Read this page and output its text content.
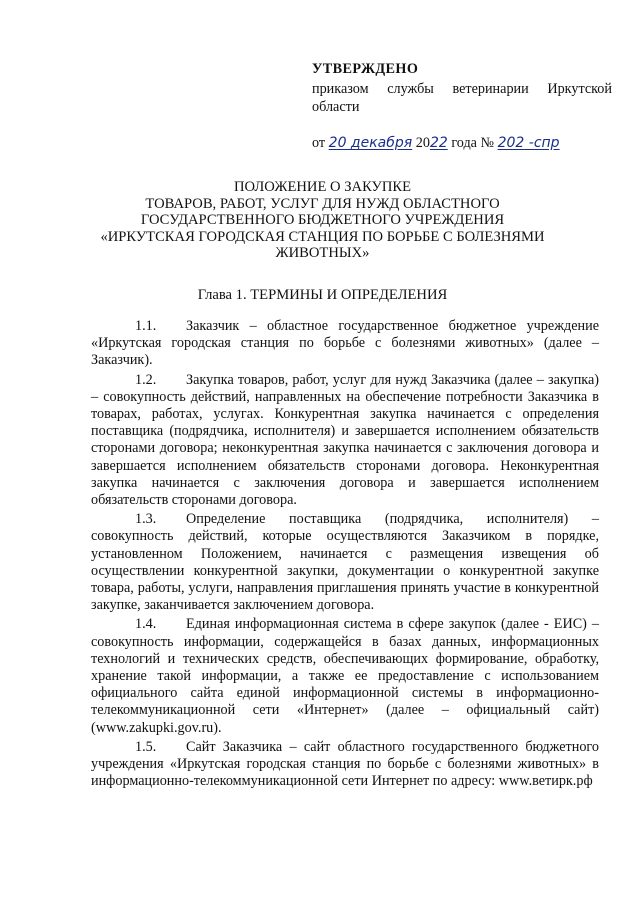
УТВЕРЖДЕНО
приказом службы ветеринарии Иркутской области
от 20 декабря 2022 года № 202 -спр
ПОЛОЖЕНИЕ О ЗАКУПКЕ
ТОВАРОВ, РАБОТ, УСЛУГ ДЛЯ НУЖД ОБЛАСТНОГО
ГОСУДАРСТВЕННОГО БЮДЖЕТНОГО УЧРЕЖДЕНИЯ
«ИРКУТСКАЯ ГОРОДСКАЯ СТАНЦИЯ ПО БОРЬБЕ С БОЛЕЗНЯМИ
ЖИВОТНЫХ»
Глава 1. ТЕРМИНЫ И ОПРЕДЕЛЕНИЯ

1.1. Заказчик – областное государственное бюджетное учреждение «Иркутская городская станция по борьбе с болезнями животных» (далее – Заказчик).

1.2. Закупка товаров, работ, услуг для нужд Заказчика (далее – закупка) – совокупность действий, направленных на обеспечение потребности Заказчика в товарах, работах, услугах. Конкурентная закупка начинается с определения поставщика (подрядчика, исполнителя) и завершается исполнением обязательств сторонами договора; неконкурентная закупка начинается с заключения договора и завершается исполнением обязательств сторонами договора. Неконкурентная закупка начинается с заключения договора и завершается исполнением обязательств сторонами договора.

1.3. Определение поставщика (подрядчика, исполнителя) – совокупность действий, которые осуществляются Заказчиком в порядке, установленном Положением, начинается с размещения извещения об осуществлении конкурентной закупки, документации о конкурентной закупке товара, работы, услуги, направления приглашения принять участие в конкурентной закупке, заканчивается заключением договора.

1.4. Единая информационная система в сфере закупок (далее - ЕИС) – совокупность информации, содержащейся в базах данных, информационных технологий и технических средств, обеспечивающих формирование, обработку, хранение такой информации, а также ее предоставление с использованием официального сайта единой информационной системы в информационно-телекоммуникационной сети «Интернет» (далее – официальный сайт) (www.zakupki.gov.ru).

1.5. Сайт Заказчика – сайт областного государственного бюджетного учреждения «Иркутская городская станция по борьбе с болезнями животных» в информационно-телекоммуникационной сети Интернет по адресу: www.ветирк.рф
